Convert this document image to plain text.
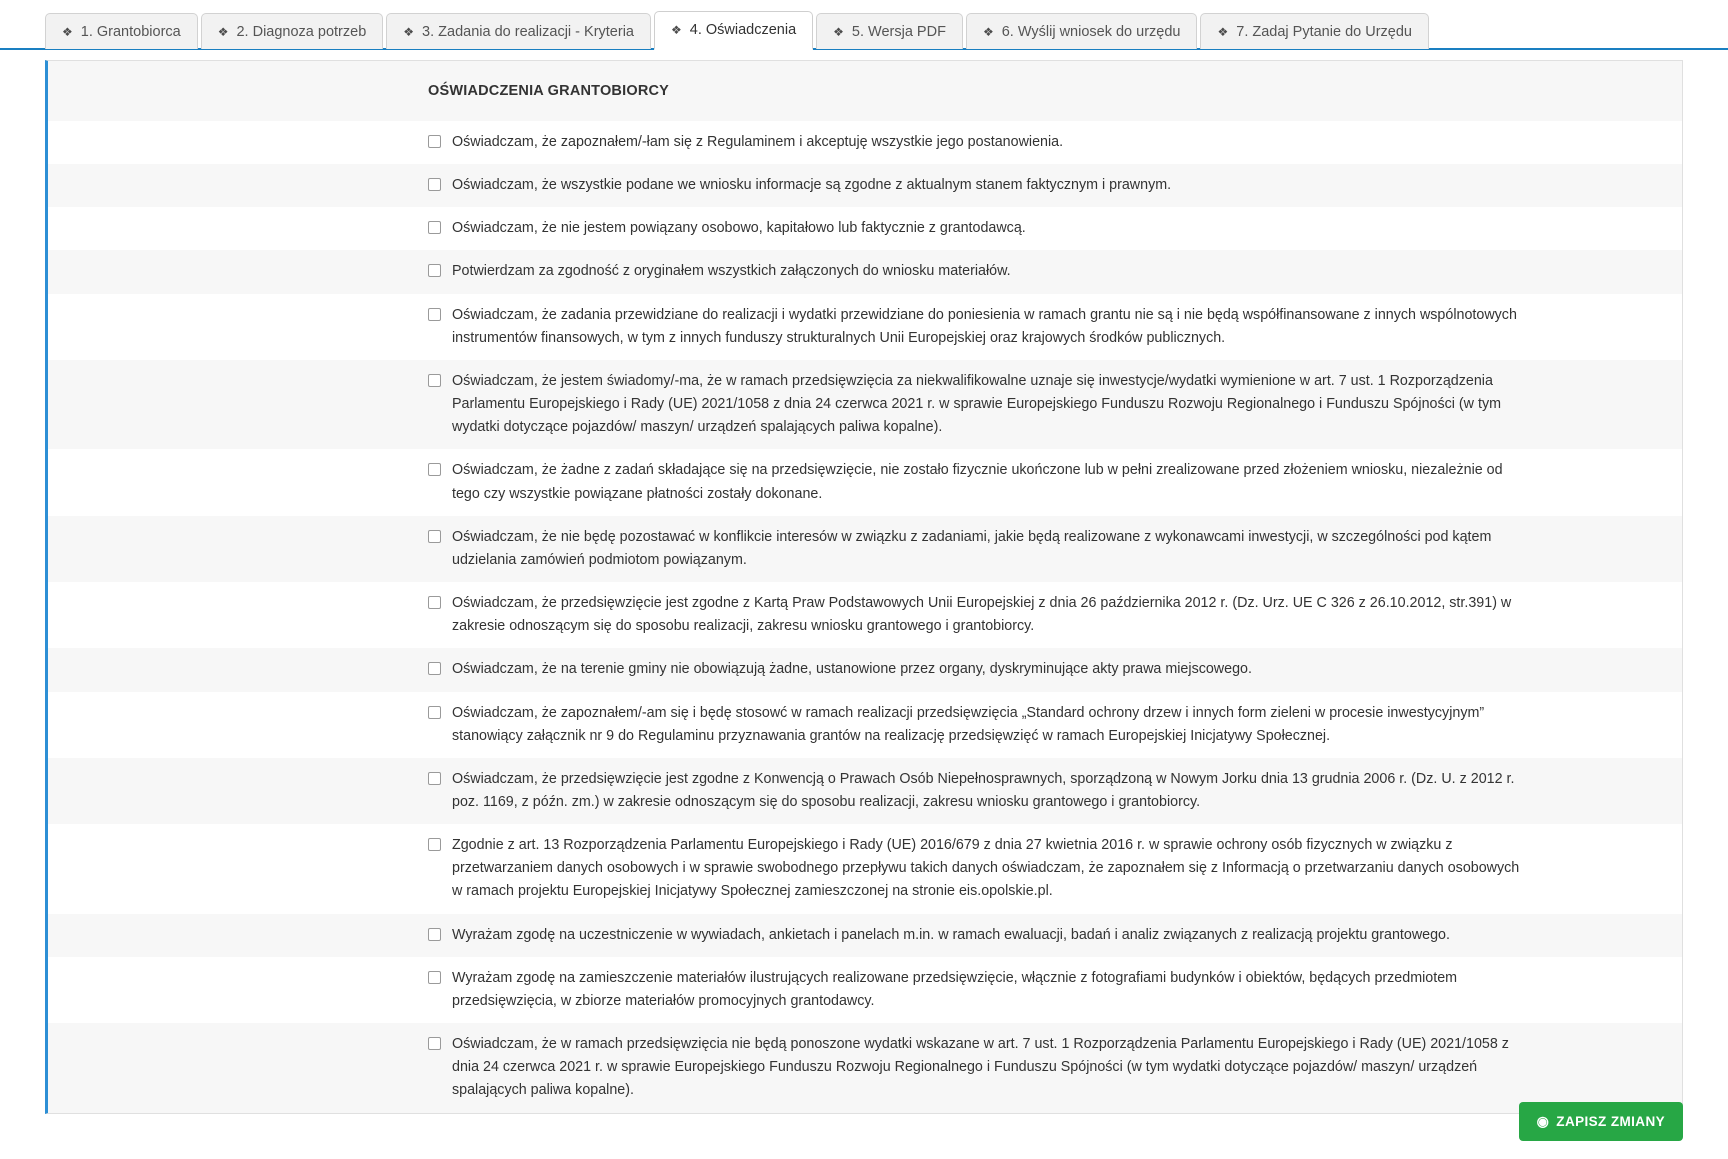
❖ 1. Grantobiorca	❖ 2. Diagnoza potrzeb	❖ 3. Zadania do realizacji - Kryteria	❖ 4. Oświadczenia	❖ 5. Wersja PDF	❖ 6. Wyślij wniosek do urzędu	❖ 7. Zadaj Pytanie do Urzędu
OŚWIADCZENIA GRANTOBIORCY
Oświadczam, że zapoznałem/-łam się z Regulaminem i akceptuję wszystkie jego postanowienia.
Oświadczam, że wszystkie podane we wniosku informacje są zgodne z aktualnym stanem faktycznym i prawnym.
Oświadczam, że nie jestem powiązany osobowo, kapitałowo lub faktycznie z grantodawcą.
Potwierdzam za zgodność z oryginałem wszystkich załączonych do wniosku materiałów.
Oświadczam, że zadania przewidziane do realizacji i wydatki przewidziane do poniesienia w ramach grantu nie są i nie będą współfinansowane z innych wspólnotowych instrumentów finansowych, w tym z innych funduszy strukturalnych Unii Europejskiej oraz krajowych środków publicznych.
Oświadczam, że jestem świadomy/-ma, że w ramach przedsięwzięcia za niekwalifikowalne uznaje się inwestycje/wydatki wymienione w art. 7 ust. 1 Rozporządzenia Parlamentu Europejskiego i Rady (UE) 2021/1058 z dnia 24 czerwca 2021 r. w sprawie Europejskiego Funduszu Rozwoju Regionalnego i Funduszu Spójności (w tym wydatki dotyczące pojazdów/ maszyn/ urządzeń spalających paliwa kopalne).
Oświadczam, że żadne z zadań składające się na przedsięwzięcie, nie zostało fizycznie ukończone lub w pełni zrealizowane przed złożeniem wniosku, niezależnie od tego czy wszystkie powiązane płatności zostały dokonane.
Oświadczam, że nie będę pozostawać w konflikcie interesów w związku z zadaniami, jakie będą realizowane z wykonawcami inwestycji, w szczególności pod kątem udzielania zamówień podmiotom powiązanym.
Oświadczam, że przedsięwzięcie jest zgodne z Kartą Praw Podstawowych Unii Europejskiej z dnia 26 października 2012 r. (Dz. Urz. UE C 326 z 26.10.2012, str.391) w zakresie odnoszącym się do sposobu realizacji, zakresu wniosku grantowego i grantobiorcy.
Oświadczam, że na terenie gminy nie obowiązują żadne, ustanowione przez organy, dyskryminujące akty prawa miejscowego.
Oświadczam, że zapoznałem/-am się i będę stosowć w ramach realizacji przedsięwzięcia „Standard ochrony drzew i innych form zieleni w procesie inwestycyjnym” stanowiący załącznik nr 9 do Regulaminu przyznawania grantów na realizację przedsięwzięć w ramach Europejskiej Inicjatywy Społecznej.
Oświadczam, że przedsięwzięcie jest zgodne z Konwencją o Prawach Osób Niepełnosprawnych, sporządzoną w Nowym Jorku dnia 13 grudnia 2006 r. (Dz. U. z 2012 r. poz. 1169, z późn. zm.) w zakresie odnoszącym się do sposobu realizacji, zakresu wniosku grantowego i grantobiorcy.
Zgodnie z art. 13 Rozporządzenia Parlamentu Europejskiego i Rady (UE) 2016/679 z dnia 27 kwietnia 2016 r. w sprawie ochrony osób fizycznych w związku z przetwarzaniem danych osobowych i w sprawie swobodnego przepływu takich danych oświadczam, że zapoznałem się z Informacją o przetwarzaniu danych osobowych w ramach projektu Europejskiej Inicjatywy Społecznej zamieszczonej na stronie eis.opolskie.pl.
Wyrażam zgodę na uczestniczenie w wywiadach, ankietach i panelach m.in. w ramach ewaluacji, badań i analiz związanych z realizacją projektu grantowego.
Wyrażam zgodę na zamieszczenie materiałów ilustrujących realizowane przedsięwzięcie, włącznie z fotografiami budynków i obiektów, będących przedmiotem przedsięwzięcia, w zbiorze materiałów promocyjnych grantodawcy.
Oświadczam, że w ramach przedsięwzięcia nie będą ponoszone wydatki wskazane w art. 7 ust. 1 Rozporządzenia Parlamentu Europejskiego i Rady (UE) 2021/1058 z dnia 24 czerwca 2021 r. w sprawie Europejskiego Funduszu Rozwoju Regionalnego i Funduszu Spójności (w tym wydatki dotyczące pojazdów/ maszyn/ urządzeń spalających paliwa kopalne).
◉ ZAPISZ ZMIANY
